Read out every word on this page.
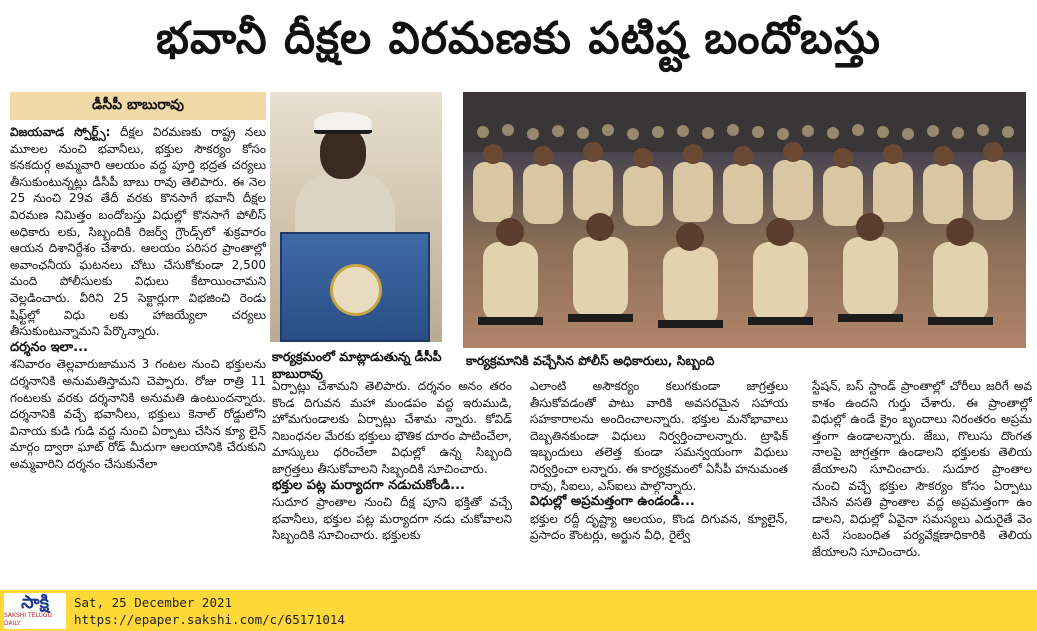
భవానీ దీక్షల విరమణకు పటిష్ట బందోబస్తు
డీసీపీ బాబురావు

విజయవాడ స్పోర్ట్స్: దీక్షల విరమణకు రాష్ట్ర నలు మూలల నుంచి భవానీలు, భక్తుల సౌకర్యం కోసం కనకదుర్గ అమ్మవారి ఆలయం వద్ద పూర్తి భద్రత చర్యలు తీసుకుంటున్నట్లు డీసీపీ బాబు రావు తెలిపారు. ఈ నెల 25 నుంచి 29వ తేదీ వరకు కొనసాగే భవానీ దీక్షల విరమణ నిమిత్తం బందోబస్తు విధుల్లో కొనసాగే పోలీస్ అధికారు లకు, సిబ్బందికి రిజర్వ్ గ్రౌండ్స్‌లో శుక్రవారం ఆయన దిశానిర్దేశం చేశారు. ఆలయం పరిసర ప్రాంతాల్లో అవాంఛనీయ ఘటనలు చోటు చేసుకోకుండా 2,500 మంది పోలీసులకు విధులు కేటాయించామని వెల్లడించారు. వీరిని 25 సెక్టార్లుగా విభజించి రెండు షిఫ్ట్‌ల్లో విధు లకు హాజయ్యేలా చర్యలు తీసుకుంటున్నామని పేర్కొన్నారు.

దర్శనం ఇలా...

శనివారం తెల్లవారుజామున 3 గంటల నుంచి భక్తులను దర్శనానికి అనుమతిస్తామని చెప్పారు. రోజు రాత్రి 11 గంటలకు వరకు దర్శనానికి అనుమతి ఉంటుందన్నారు. దర్శనానికి వచ్చే భవానీలు, భక్తులు కెనాల్ రోడ్డులోని వినాయ కుడి గుడి వద్ద నుంచి ఏర్పాటు చేసిన క్యూ లైన్ మార్గం ద్వారా ఘాట్ రోడ్ మీదుగా ఆలయానికి చేరుకుని అమ్మవారిని దర్శనం చేసుకునేలా

కార్యక్రమంలో మాట్లాడుతున్న డీసీపీ బాబురావు
కార్యక్రమానికి వచ్చేసిన పోలీస్ అధికారులు, సిబ్బంది

ఏర్పాట్లు చేశామని తెలిపారు. దర్శనం అనం తరం కొండ దిగువన మహా మండపం వద్ద ఇరుముడి, హోమగుండాలకు ఏర్పాట్లు చేశామ న్నారు. కోవిడ్ నిబంధనల మేరకు భక్తులు భౌతిక దూరం పాటించేలా, మాస్కులు ధరించేలా విధుల్లో ఉన్న సిబ్బంది జాగ్రత్తలు తీసుకోవాలని సిబ్బందికి సూచించారు.

భక్తుల పట్ల మర్యాదగా నడుచుకోండి...

సుదూర ప్రాంతాల నుంచి దీక్ష పూని భక్తితో వచ్చే భవానీలు, భక్తుల పట్ల మర్యాదగా నడు చుకోవాలని సిబ్బందికి సూచించారు. భక్తులకు

ఎలాంటి అసౌకర్యం కలుగకుండా జాగ్రత్తలు తీసుకోవడంతో పాటు వారికి అవసరమైన సహాయ సహకారాలను అందించాలన్నారు. భక్తుల మనోభావాలు దెబ్బతినకుండా విధులు నిర్వర్తించాలన్నారు. ట్రాఫిక్ ఇబ్బందులు తలెత్త కుండా సమన్వయంగా విధులు నిర్వర్తించా లన్నారు. ఈ కార్యక్రమంలో ఏసీపీ హనుమంత రావు, సీఐలు, ఎస్‌ఐలు పాల్గొన్నారు.

విధుల్లో అప్రమత్తంగా ఉండండి...

భక్తుల రద్దీ దృష్ట్యా ఆలయం, కొండ దిగువన, క్యూలైన్, ప్రసాదం కౌంటర్లు, అర్జున వీధి, రైల్వే

స్టేషన్, బస్ స్టాండ్ ప్రాంతాల్లో చోరీలు జరిగే అవ కాశం ఉందని గుర్తు చేశారు. ఈ ప్రాంతాల్లో విధుల్లో ఉండే క్రైం బృందాలు నిరంతరం అప్రమ త్తంగా ఉండాలన్నారు. జేబు, గొలుసు దొంగత నాలపై జాగ్రత్తగా ఉండాలని భక్తులకు తెలియ జేయాలని సూచించారు. సుదూర ప్రాంతాల నుంచి వచ్చే భక్తుల సౌకర్యం కోసం ఏర్పాటు చేసిన వసతి ప్రాంతాల వద్ద అప్రమత్తంగా ఉం డాలని, విధుల్లో ఏవైనా సమస్యలు ఎదురైతే వెం టనే సంబంధిత పర్యవేక్షణాధికారికి తెలియ జేయాలని సూచించారు.

సాక్షి
SAKSHI TELUGU DAILY
Sat, 25 December 2021
https://epaper.sakshi.com/c/65171014
